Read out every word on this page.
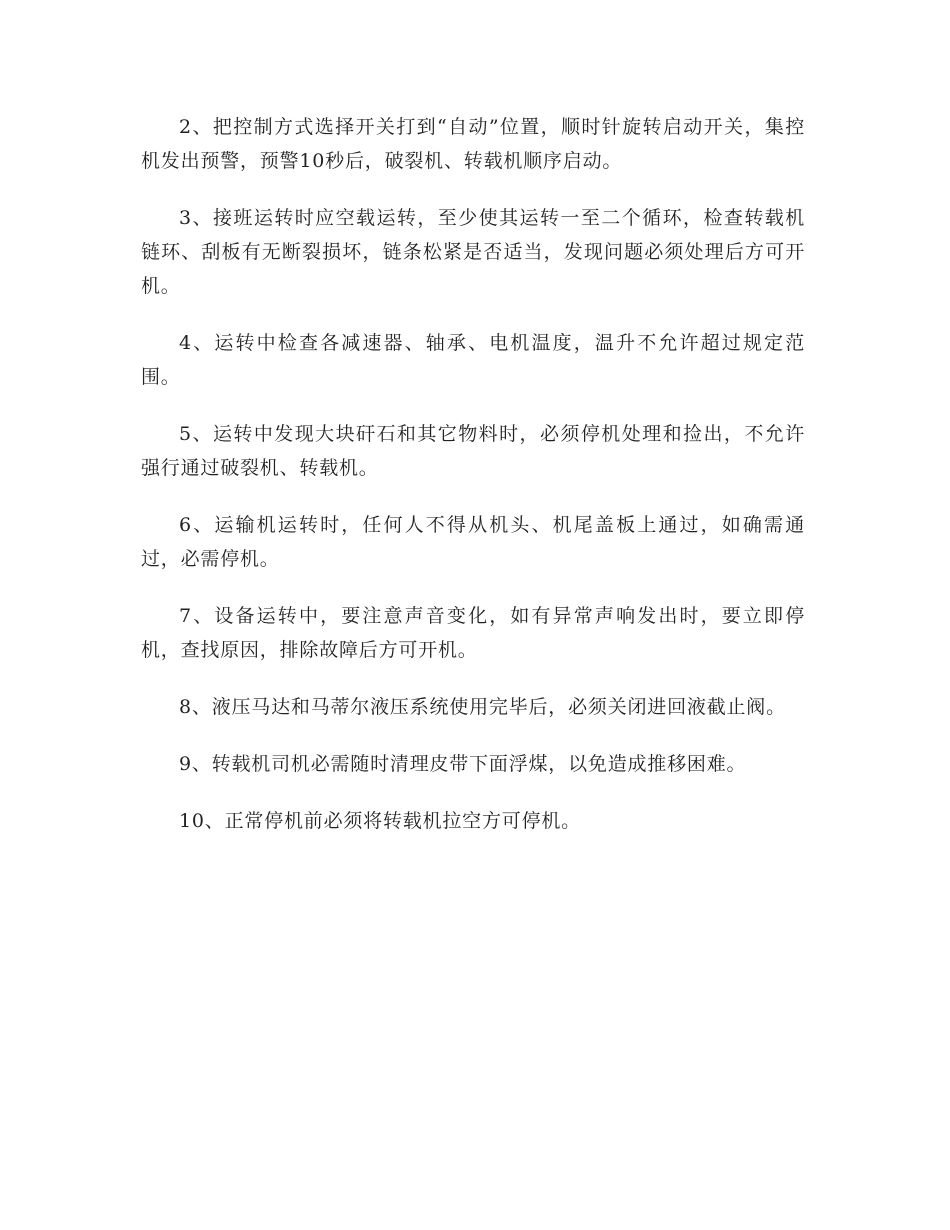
2、把控制方式选择开关打到“自动”位置，顺时针旋转启动开关，集控机发出预警，预警10秒后，破裂机、转载机顺序启动。

3、接班运转时应空载运转，至少使其运转一至二个循环，检查转载机链环、刮板有无断裂损坏，链条松紧是否适当，发现问题必须处理后方可开机。

4、运转中检查各减速器、轴承、电机温度，温升不允许超过规定范围。

5、运转中发现大块矸石和其它物料时，必须停机处理和捡出，不允许强行通过破裂机、转载机。

6、运输机运转时，任何人不得从机头、机尾盖板上通过，如确需通过，必需停机。

7、设备运转中，要注意声音变化，如有异常声响发出时，要立即停机，查找原因，排除故障后方可开机。

8、液压马达和马蒂尔液压系统使用完毕后，必须关闭进回液截止阀。

9、转载机司机必需随时清理皮带下面浮煤，以免造成推移困难。

10、正常停机前必须将转载机拉空方可停机。
